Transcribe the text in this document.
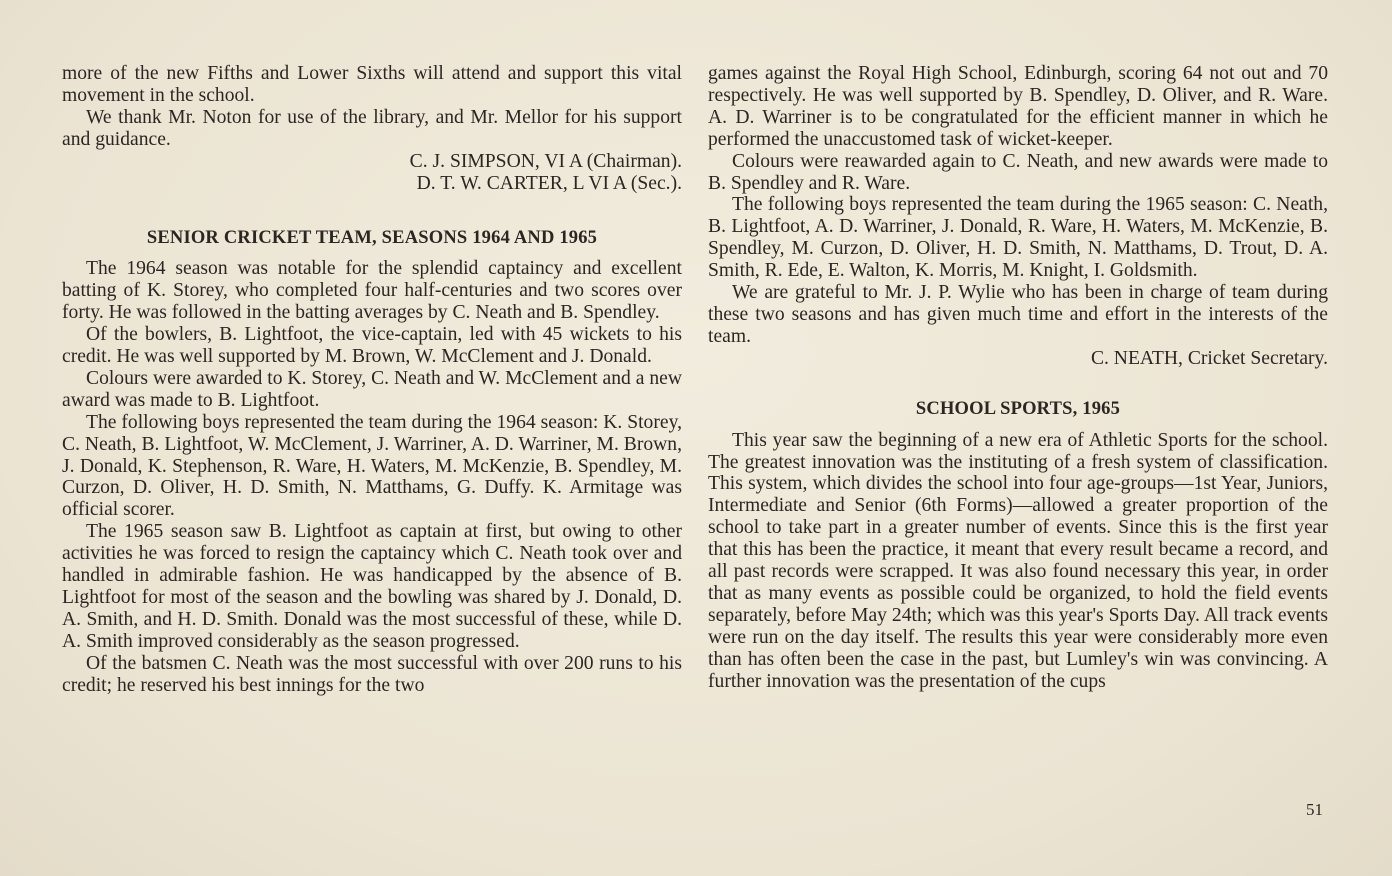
more of the new Fifths and Lower Sixths will attend and support this vital movement in the school.

We thank Mr. Noton for use of the library, and Mr. Mellor for his support and guidance.

C. J. SIMPSON, VI A (Chairman).

D. T. W. CARTER, L VI A (Sec.).

SENIOR CRICKET TEAM, SEASONS 1964 AND 1965

The 1964 season was notable for the splendid captaincy and excellent batting of K. Storey, who completed four half-centuries and two scores over forty. He was followed in the batting averages by C. Neath and B. Spendley.

Of the bowlers, B. Lightfoot, the vice-captain, led with 45 wickets to his credit. He was well supported by M. Brown, W. McClement and J. Donald.

Colours were awarded to K. Storey, C. Neath and W. McClement and a new award was made to B. Lightfoot.

The following boys represented the team during the 1964 season: K. Storey, C. Neath, B. Lightfoot, W. McClement, J. Warriner, A. D. Warriner, M. Brown, J. Donald, K. Stephenson, R. Ware, H. Waters, M. McKenzie, B. Spendley, M. Curzon, D. Oliver, H. D. Smith, N. Matthams, G. Duffy. K. Armitage was official scorer.

The 1965 season saw B. Lightfoot as captain at first, but owing to other activities he was forced to resign the captaincy which C. Neath took over and handled in admirable fashion. He was handicapped by the absence of B. Lightfoot for most of the season and the bowling was shared by J. Donald, D. A. Smith, and H. D. Smith. Donald was the most successful of these, while D. A. Smith improved considerably as the season progressed.

Of the batsmen C. Neath was the most successful with over 200 runs to his credit; he reserved his best innings for the two

games against the Royal High School, Edinburgh, scoring 64 not out and 70 respectively. He was well supported by B. Spendley, D. Oliver, and R. Ware. A. D. Warriner is to be congratulated for the efficient manner in which he performed the unaccustomed task of wicket-keeper.

Colours were reawarded again to C. Neath, and new awards were made to B. Spendley and R. Ware.

The following boys represented the team during the 1965 season: C. Neath, B. Lightfoot, A. D. Warriner, J. Donald, R. Ware, H. Waters, M. McKenzie, B. Spendley, M. Curzon, D. Oliver, H. D. Smith, N. Matthams, D. Trout, D. A. Smith, R. Ede, E. Walton, K. Morris, M. Knight, I. Goldsmith.

We are grateful to Mr. J. P. Wylie who has been in charge of team during these two seasons and has given much time and effort in the interests of the team.

C. NEATH, Cricket Secretary.

SCHOOL SPORTS, 1965

This year saw the beginning of a new era of Athletic Sports for the school. The greatest innovation was the instituting of a fresh system of classification. This system, which divides the school into four age-groups—1st Year, Juniors, Intermediate and Senior (6th Forms)—allowed a greater proportion of the school to take part in a greater number of events. Since this is the first year that this has been the practice, it meant that every result became a record, and all past records were scrapped. It was also found necessary this year, in order that as many events as possible could be organized, to hold the field events separately, before May 24th; which was this year's Sports Day. All track events were run on the day itself. The results this year were considerably more even than has often been the case in the past, but Lumley's win was convincing. A further innovation was the presentation of the cups

51
